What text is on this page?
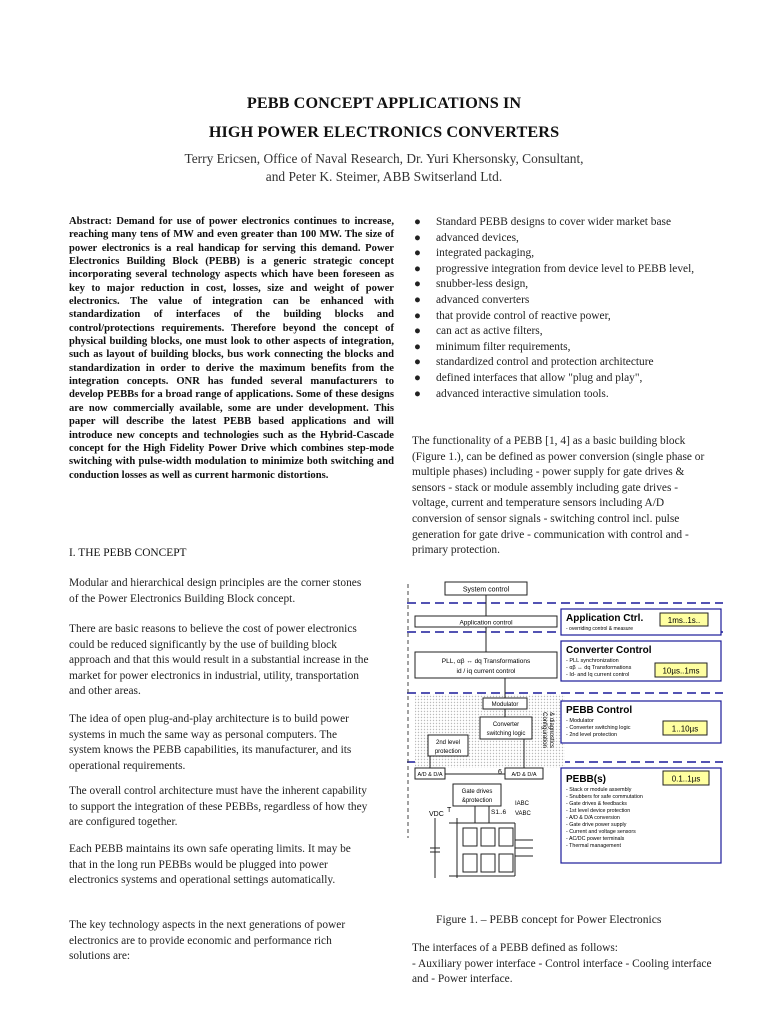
PEBB CONCEPT APPLICATIONS IN
HIGH POWER ELECTRONICS CONVERTERS
Terry Ericsen, Office of Naval Research, Dr. Yuri Khersonsky, Consultant,
and Peter K. Steimer, ABB Switserland Ltd.

Abstract: Demand for use of power electronics continues to increase, reaching many tens of MW and even greater than 100 MW. The size of power electronics is a real handicap for serving this demand. Power Electronics Building Block (PEBB) is a generic strategic concept incorporating several technology aspects which have been foreseen as key to major reduction in cost, losses, size and weight of power electronics. The value of integration can be enhanced with standardization of interfaces of the building blocks and control/protections requirements. Therefore beyond the concept of physical building blocks, one must look to other aspects of integration, such as layout of building blocks, bus work connecting the blocks and standardization in order to derive the maximum benefits from the integration concepts. ONR has funded several manufacturers to develop PEBBs for a broad range of applications. Some of these designs are now commercially available, some are under development. This paper will describe the latest PEBB based applications and will introduce new concepts and technologies such as the Hybrid-Cascade concept for the High Fidelity Power Drive which combines step-mode switching with pulse-width modulation to minimize both switching and conduction losses as well as current harmonic distortions.

I. THE PEBB CONCEPT

Modular and hierarchical design principles are the corner stones of the Power Electronics Building Block concept.

There are basic reasons to believe the cost of power electronics could be reduced significantly by the use of building block approach and that this would result in a substantial increase in the market for power electronics in industrial, utility, transportation and other areas.

The idea of open plug-and-play architecture is to build power systems in much the same way as personal computers. The system knows the PEBB capabilities, its manufacturer, and its operational requirements.

The overall control architecture must have the inherent capability to support the integration of these PEBBs, regardless of how they are configured together.

Each PEBB maintains its own safe operating limits. It may be that in the long run PEBBs would be plugged into power electronics systems and operational settings automatically.

The key technology aspects in the next generations of power electronics are to provide economic and performance rich solutions are:

● Standard PEBB designs to cover wider market base
● advanced devices,
● integrated packaging,
● progressive integration from device level to PEBB level,
● snubber-less design,
● advanced converters
● that provide control of reactive power,
● can act as active filters,
● minimum filter requirements,
● standardized control and protection architecture
● defined interfaces that allow "plug and play",
● advanced interactive simulation tools.

The functionality of a PEBB [1, 4] as a basic building block (Figure 1.), can be defined as power conversion (single phase or multiple phases) including - power supply for gate drives & sensors - stack or module assembly including gate drives - voltage, current and temperature sensors including A/D conversion of sensor signals - switching control incl. pulse generation for gate drive - communication with control and - primary protection.

System control
Application control
PLL, αβ ↔ dq Transformations
id / iq current control
Modulator
Converter
switching logic
2nd level
protection
Configuration & diagnostics
A/D & D/A	A/D & D/A
6
Gate drives
&protection
VDC
T	S1..6
IABC
VABC
Application Ctrl.
- overriding control & measure
1ms..1s..
Converter Control
- PLL synchronization
- αβ ↔ dq Transformations
- Id- and Iq current control	10µs..1ms
PEBB Control
- Modulator
- Converter switching logic
- 2nd level protection
1..10µs
PEBB(s)	0.1..1µs
- Stack or module assembly
- Snubbers for safe commutation
- Gate drives & feedbacks
- 1st level device protection
- A/D & D/A conversion
- Gate drive power supply
- Current and voltage sensors
- AC/DC power terminals
- Thermal management
Figure 1. – PEBB concept for Power Electronics

The interfaces of a PEBB defined as follows:
- Auxiliary power interface - Control interface - Cooling interface and - Power interface.
